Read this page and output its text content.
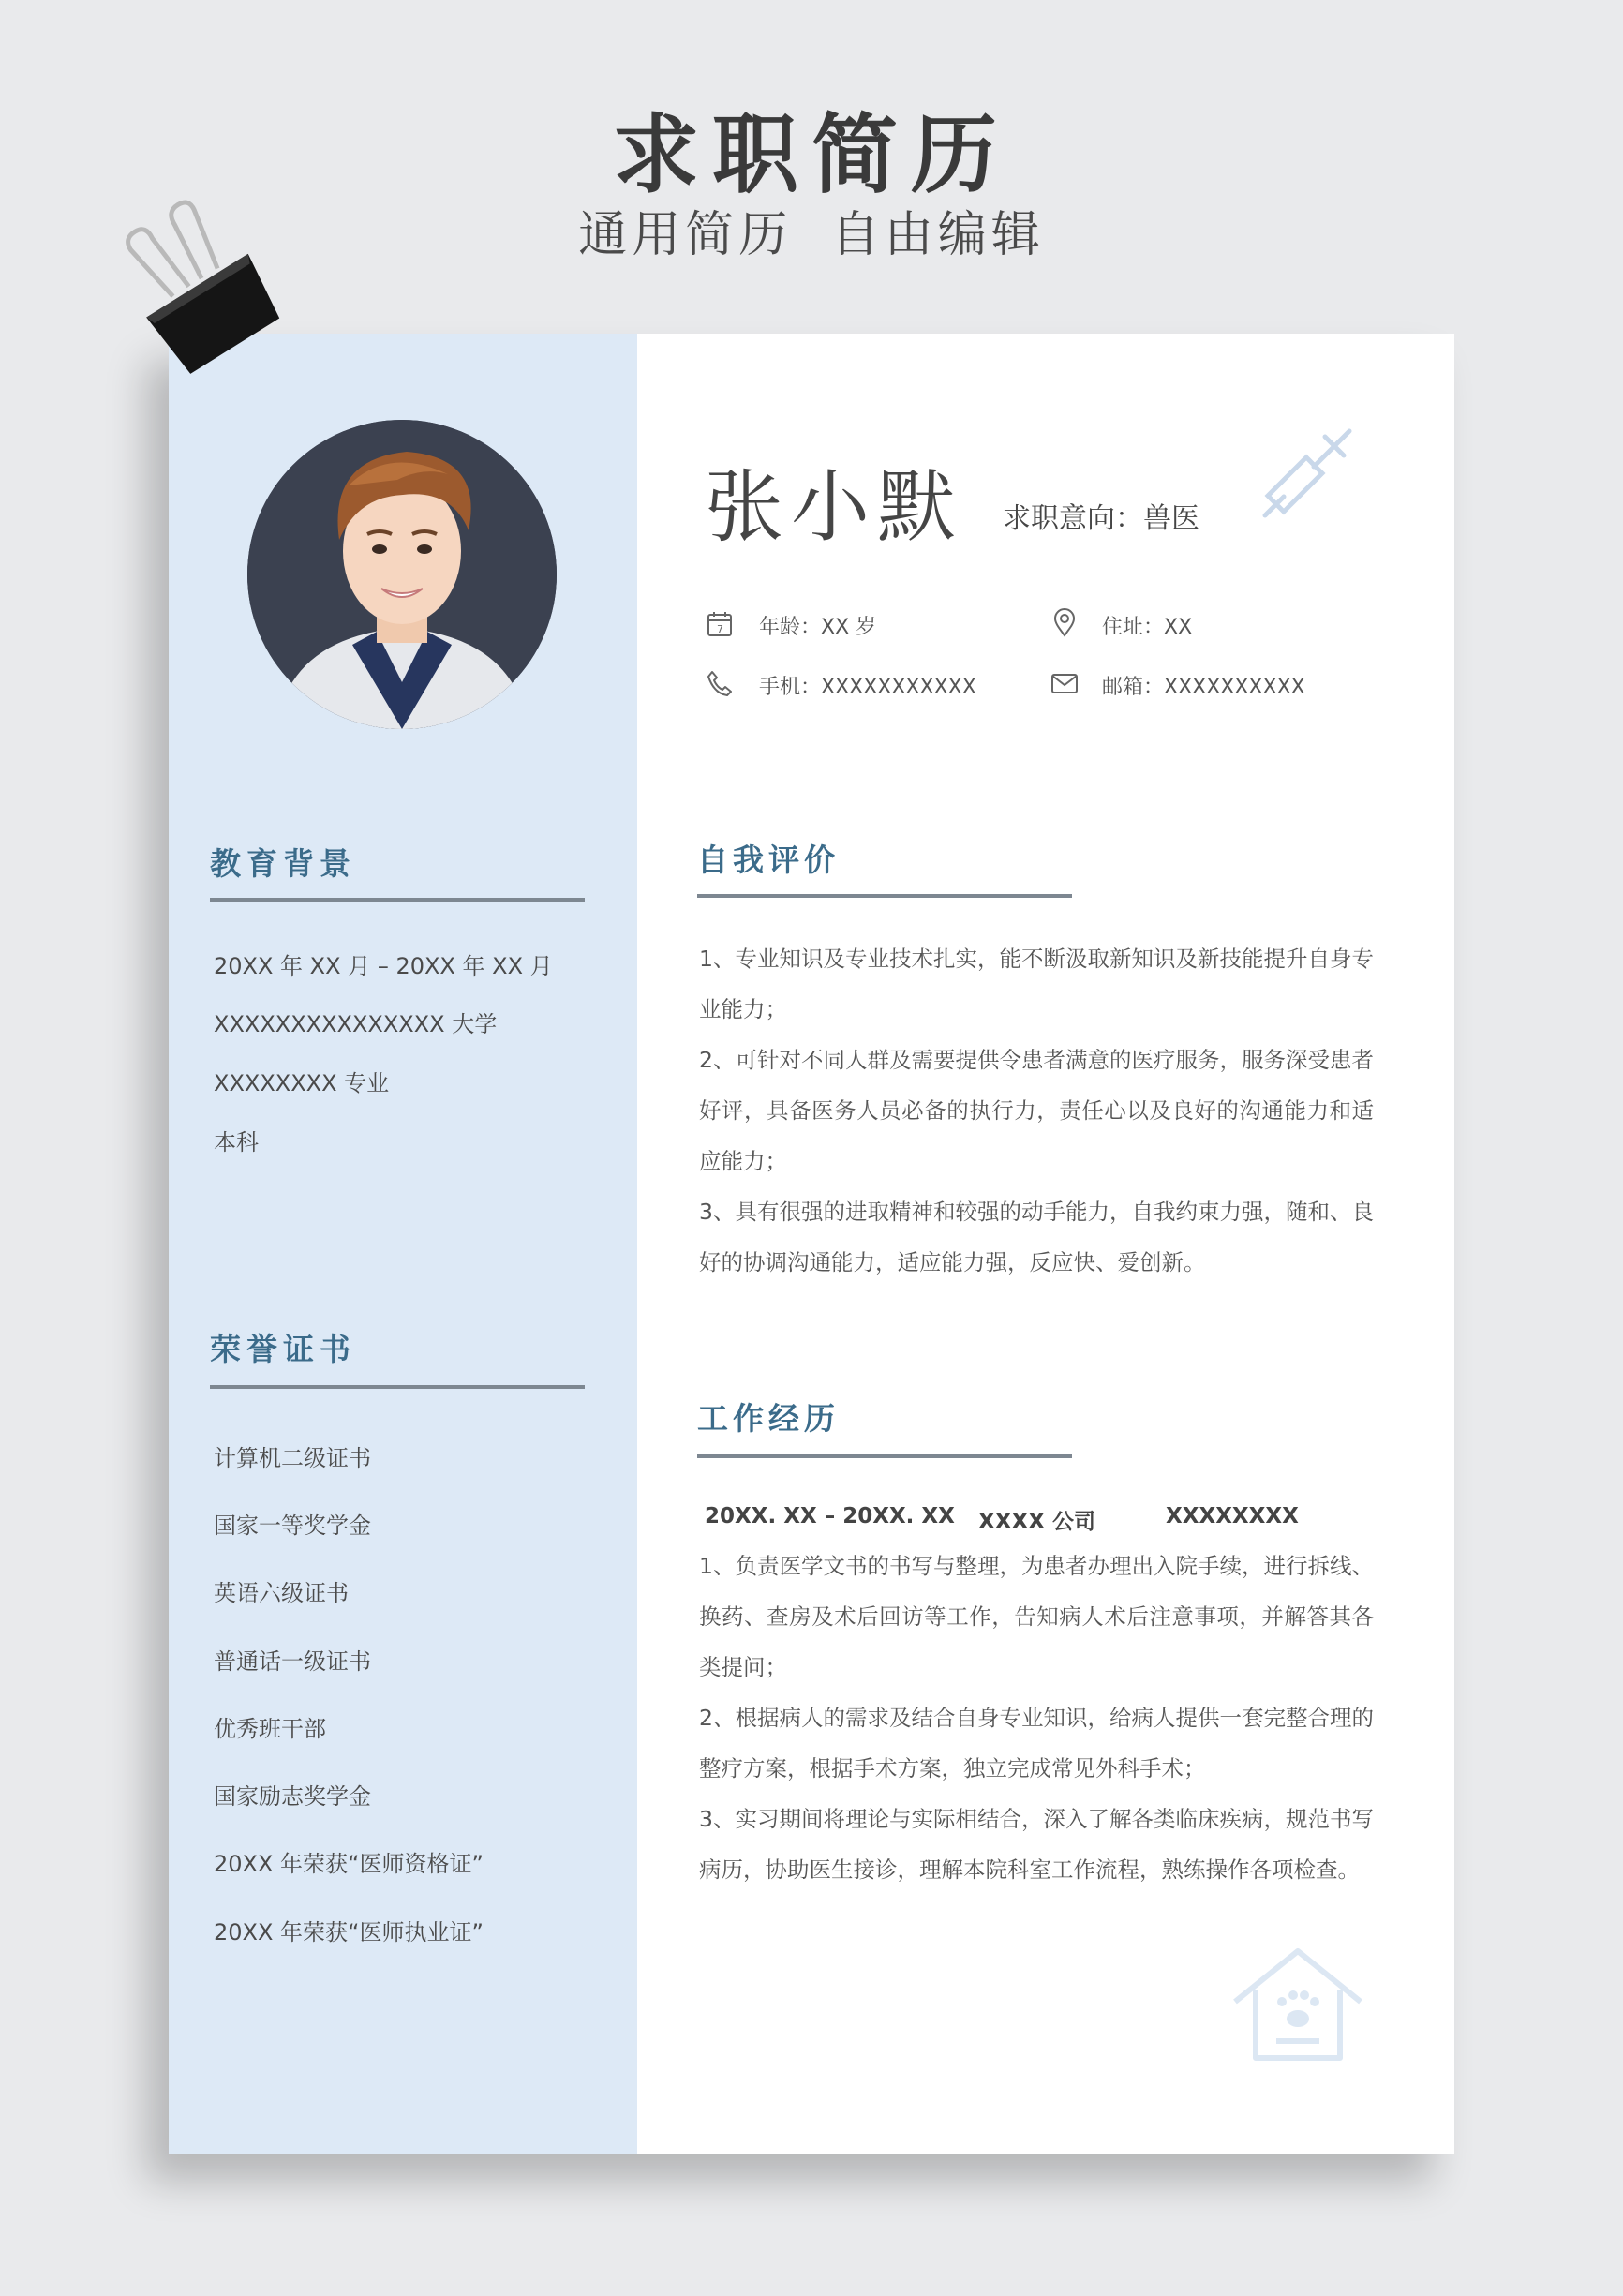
求职简历
通用简历 自由编辑
教育背景
20XX 年 XX 月 – 20XX 年 XX 月
XXXXXXXXXXXXXXX 大学
XXXXXXXX 专业
本科
荣誉证书
计算机二级证书
国家一等奖学金
英语六级证书
普通话一级证书
优秀班干部
国家励志奖学金
20XX 年荣获“医师资格证”
20XX 年荣获“医师执业证”
张小默 求职意向：兽医
7 年龄：XX 岁	住址：XX
手机：XXXXXXXXXXX	邮箱：XXXXXXXXXX
自我评价

1、专业知识及专业技术扎实，能不断汲取新知识及新技能提升自身专业能力；
2、可针对不同人群及需要提供令患者满意的医疗服务，服务深受患者好评，具备医务人员必备的执行力，责任心以及良好的沟通能力和适应能力；
3、具有很强的进取精神和较强的动手能力，自我约束力强，随和、良好的协调沟通能力，适应能力强，反应快、爱创新。

工作经历
20XX. XX – 20XX. XX XXXX 公司	XXXXXXXX

1、负责医学文书的书写与整理，为患者办理出入院手续，进行拆线、换药、查房及术后回访等工作，告知病人术后注意事项，并解答其各类提问；
2、根据病人的需求及结合自身专业知识，给病人提供一套完整合理的整疗方案，根据手术方案，独立完成常见外科手术；
3、实习期间将理论与实际相结合，深入了解各类临床疾病，规范书写病历，协助医生接诊，理解本院科室工作流程，熟练操作各项检查。
